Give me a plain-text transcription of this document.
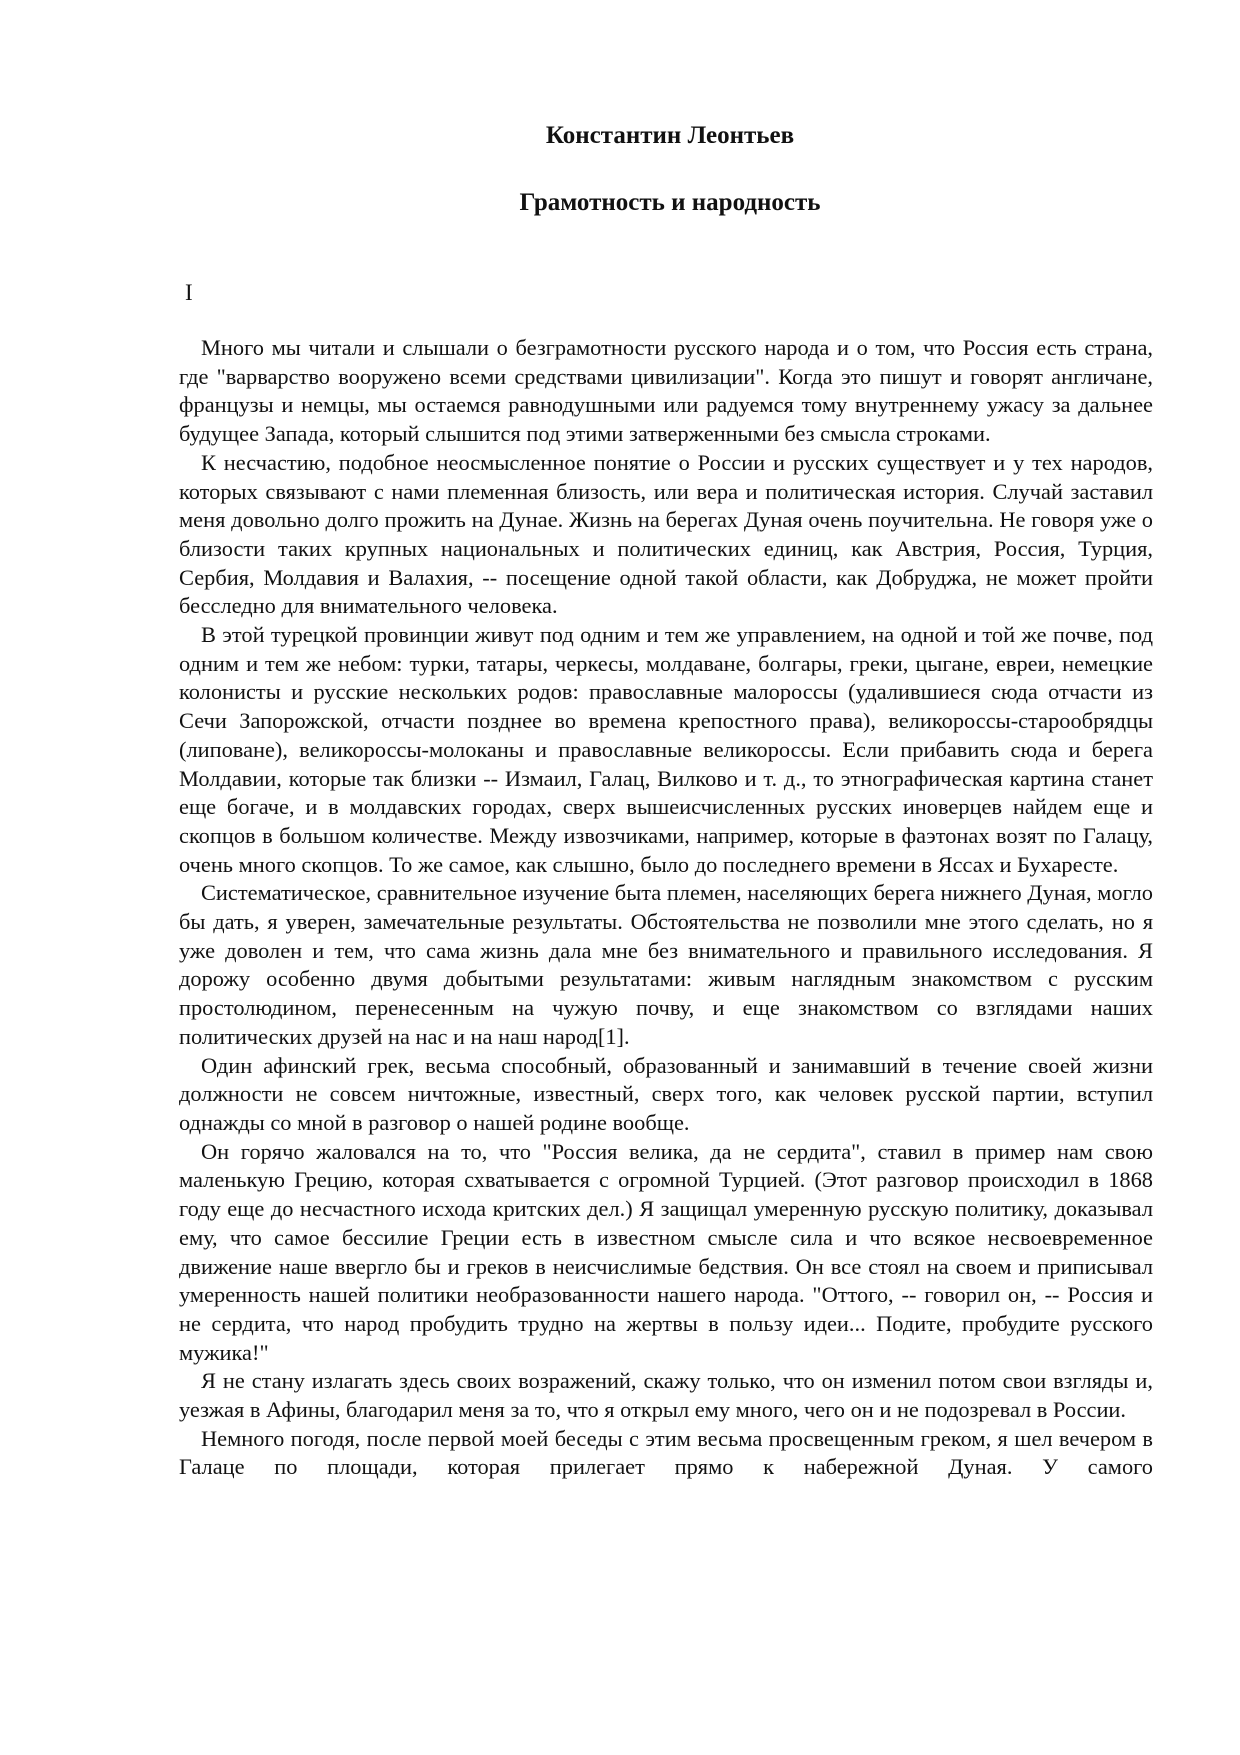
Константин Леонтьев
Грамотность и народность
I

Много мы читали и слышали о безграмотности русского народа и о том, что Россия есть страна, где "варварство вооружено всеми средствами цивилизации". Когда это пишут и говорят англичане, французы и немцы, мы остаемся равнодушными или радуемся тому внутреннему ужасу за дальнее будущее Запада, который слышится под этими затверженными без смысла строками.

К несчастию, подобное неосмысленное понятие о России и русских существует и у тех народов, которых связывают с нами племенная близость, или вера и политическая история. Случай заставил меня довольно долго прожить на Дунае. Жизнь на берегах Дуная очень поучительна. Не говоря уже о близости таких крупных национальных и политических единиц, как Австрия, Россия, Турция, Сербия, Молдавия и Валахия, -- посещение одной такой области, как Добруджа, не может пройти бесследно для внимательного человека.

В этой турецкой провинции живут под одним и тем же управлением, на одной и той же почве, под одним и тем же небом: турки, татары, черкесы, молдаване, болгары, греки, цыгане, евреи, немецкие колонисты и русские нескольких родов: православные малороссы (удалившиеся сюда отчасти из Сечи Запорожской, отчасти позднее во времена крепостного права), великороссы-старообрядцы (липоване), великороссы-молоканы и православные великороссы. Если прибавить сюда и берега Молдавии, которые так близки -- Измаил, Галац, Вилково и т. д., то этнографическая картина станет еще богаче, и в молдавских городах, сверх вышеисчисленных русских иноверцев найдем еще и скопцов в большом количестве. Между извозчиками, например, которые в фаэтонах возят по Галацу, очень много скопцов. То же самое, как слышно, было до последнего времени в Яссах и Бухаресте.

Систематическое, сравнительное изучение быта племен, населяющих берега нижнего Дуная, могло бы дать, я уверен, замечательные результаты. Обстоятельства не позволили мне этого сделать, но я уже доволен и тем, что сама жизнь дала мне без внимательного и правильного исследования. Я дорожу особенно двумя добытыми результатами: живым наглядным знакомством с русским простолюдином, перенесенным на чужую почву, и еще знакомством со взглядами наших политических друзей на нас и на наш народ[1].

Один афинский грек, весьма способный, образованный и занимавший в течение своей жизни должности не совсем ничтожные, известный, сверх того, как человек русской партии, вступил однажды со мной в разговор о нашей родине вообще.

Он горячо жаловался на то, что "Россия велика, да не сердита", ставил в пример нам свою маленькую Грецию, которая схватывается с огромной Турцией. (Этот разговор происходил в 1868 году еще до несчастного исхода критских дел.) Я защищал умеренную русскую политику, доказывал ему, что самое бессилие Греции есть в известном смысле сила и что всякое несвоевременное движение наше ввергло бы и греков в неисчислимые бедствия. Он все стоял на своем и приписывал умеренность нашей политики необразованности нашего народа. "Оттого, -- говорил он, -- Россия и не сердита, что народ пробудить трудно на жертвы в пользу идеи... Подите, пробудите русского мужика!"

Я не стану излагать здесь своих возражений, скажу только, что он изменил потом свои взгляды и, уезжая в Афины, благодарил меня за то, что я открыл ему много, чего он и не подозревал в России.

Немного погодя, после первой моей беседы с этим весьма просвещенным греком, я шел вечером в Галаце по площади, которая прилегает прямо к набережной Дуная. У самого
